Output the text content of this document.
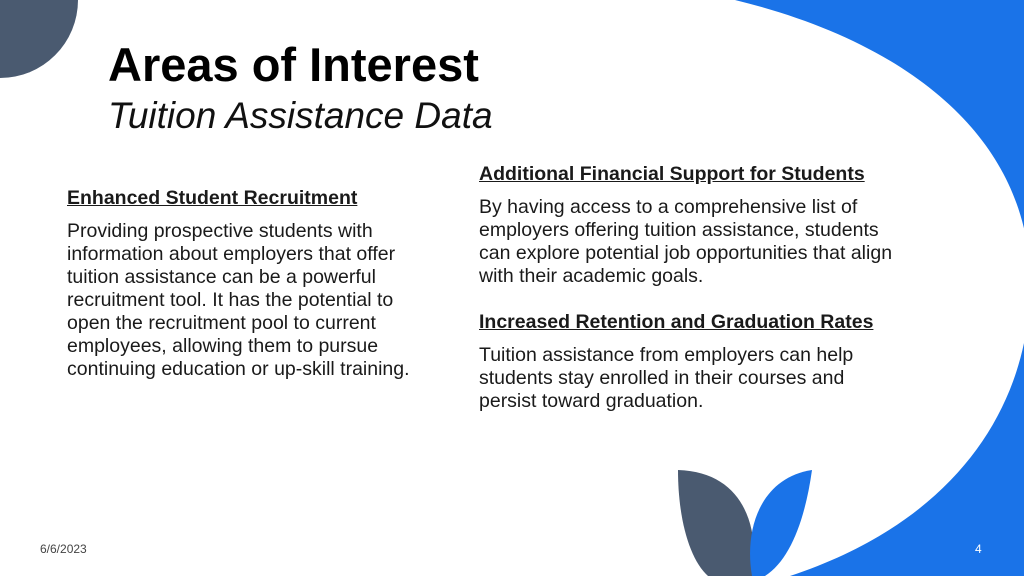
Areas of Interest
Tuition Assistance Data
Enhanced Student Recruitment

Providing prospective students with information about employers that offer tuition assistance can be a powerful recruitment tool. It has the potential to open the recruitment pool to current employees, allowing them to pursue continuing education or up-skill training.

Additional Financial Support for Students

By having access to a comprehensive list of employers offering tuition assistance, students can explore potential job opportunities that align with their academic goals.

Increased Retention and Graduation Rates

Tuition assistance from employers can help students stay enrolled in their courses and persist toward graduation.

6/6/2023	4
